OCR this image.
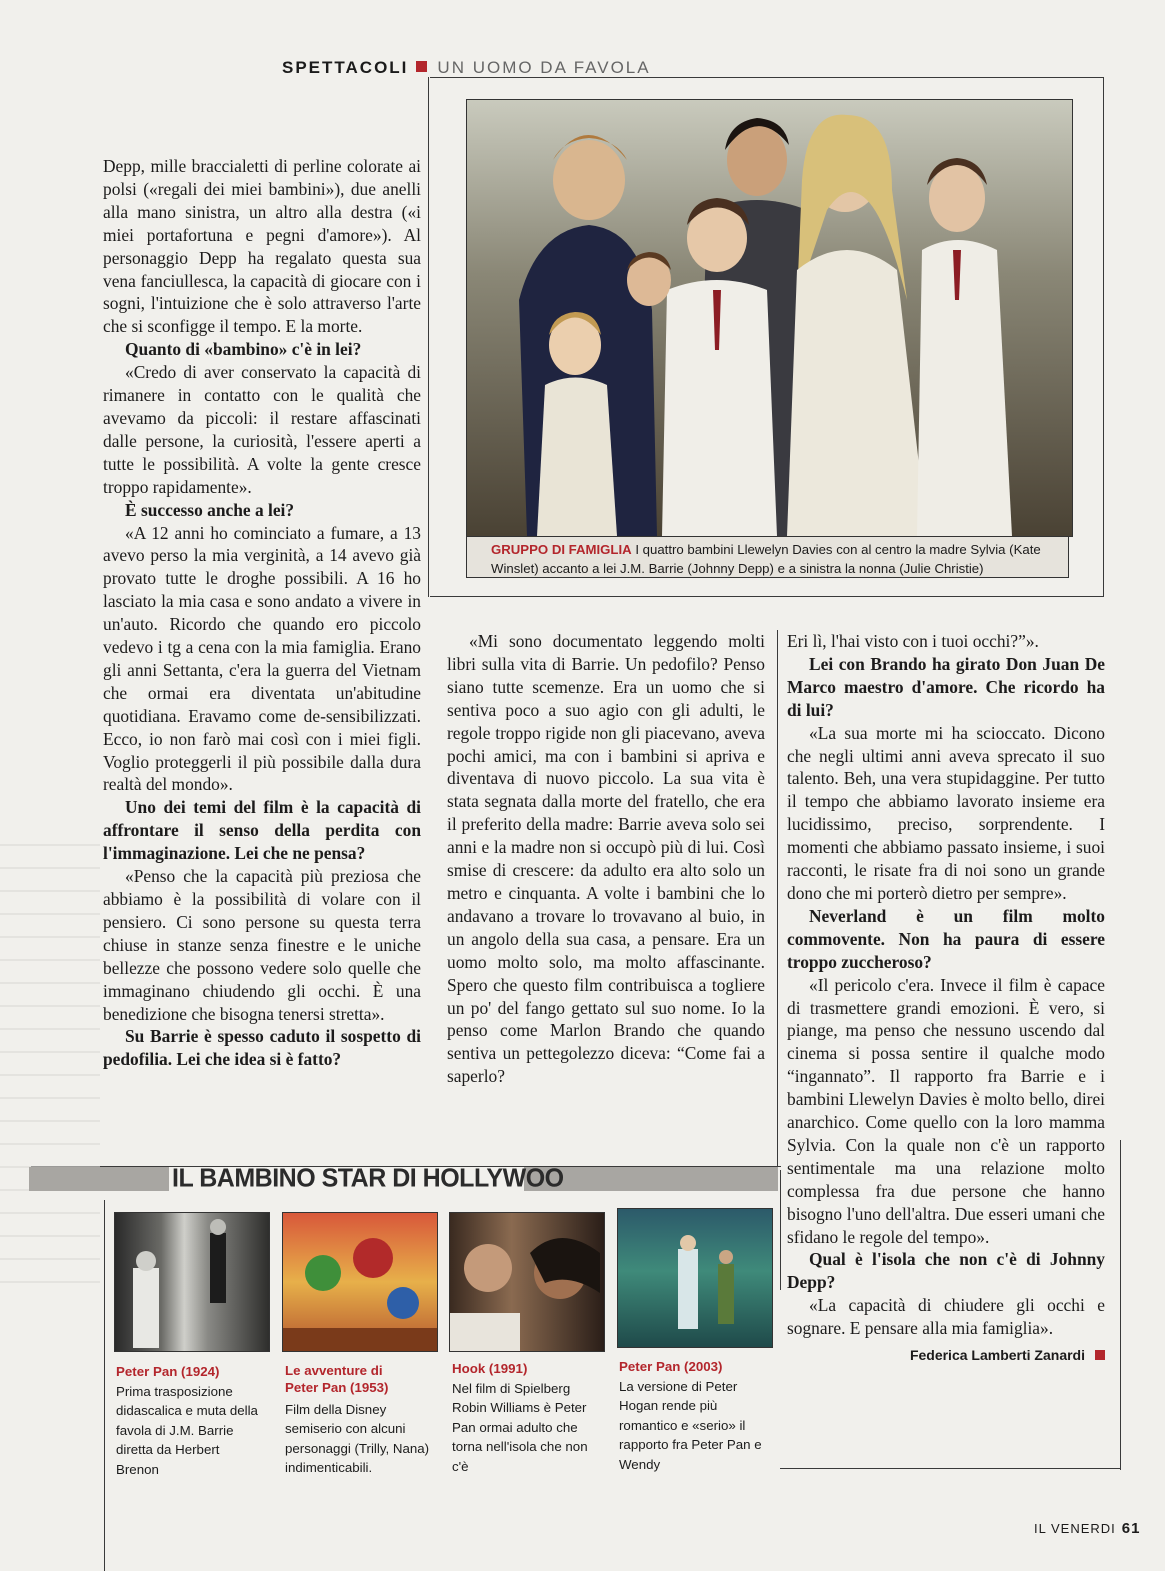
SPETTACOLI UN UOMO DA FAVOLA
GRUPPO DI FAMIGLIA I quattro bambini Llewelyn Davies con al centro la madre Sylvia (Kate Winslet) accanto a lei J.M. Barrie (Johnny Depp) e a sinistra la nonna (Julie Christie)

Depp, mille braccialetti di perline colorate ai polsi («regali dei miei bambini»), due anelli alla mano sinistra, un altro alla destra («i miei portafortuna e pegni d'amore»). Al personaggio Depp ha regalato questa sua vena fanciullesca, la capacità di giocare con i sogni, l'intuizione che è solo attraverso l'arte che si sconfigge il tempo. E la morte.

Quanto di «bambino» c'è in lei?

«Credo di aver conservato la capacità di rimanere in contatto con le qualità che avevamo da piccoli: il restare affascinati dalle persone, la curiosità, l'essere aperti a tutte le possibilità. A volte la gente cresce troppo rapidamente».

È successo anche a lei?

«A 12 anni ho cominciato a fumare, a 13 avevo perso la mia verginità, a 14 avevo già provato tutte le droghe possibili. A 16 ho lasciato la mia casa e sono andato a vivere in un'auto. Ricordo che quando ero piccolo vedevo i tg a cena con la mia famiglia. Erano gli anni Settanta, c'era la guerra del Vietnam che ormai era diventata un'abitudine quotidiana. Eravamo come de-sensibilizzati. Ecco, io non farò mai così con i miei figli. Voglio proteggerli il più possibile dalla dura realtà del mondo».

Uno dei temi del film è la capacità di affrontare il senso della perdita con l'immaginazione. Lei che ne pensa?

«Penso che la capacità più preziosa che abbiamo è la possibilità di volare con il pensiero. Ci sono persone su questa terra chiuse in stanze senza finestre e le uniche bellezze che possono vedere solo quelle che immaginano chiudendo gli occhi. È una benedizione che bisogna tenersi stretta».

Su Barrie è spesso caduto il sospetto di pedofilia. Lei che idea si è fatto?

«Mi sono documentato leggendo molti libri sulla vita di Barrie. Un pedofilo? Penso siano tutte scemenze. Era un uomo che si sentiva poco a suo agio con gli adulti, le regole troppo rigide non gli piacevano, aveva pochi amici, ma con i bambini si apriva e diventava di nuovo piccolo. La sua vita è stata segnata dalla morte del fratello, che era il preferito della madre: Barrie aveva solo sei anni e la madre non si occupò più di lui. Così smise di crescere: da adulto era alto solo un metro e cinquanta. A volte i bambini che lo andavano a trovare lo trovavano al buio, in un angolo della sua casa, a pensare. Era un uomo molto solo, ma molto affascinante. Spero che questo film contribuisca a togliere un po' del fango gettato sul suo nome. Io la penso come Marlon Brando che quando sentiva un pettegolezzo diceva: “Come fai a saperlo?

Eri lì, l'hai visto con i tuoi occhi?”».

Lei con Brando ha girato Don Juan De Marco maestro d'amore. Che ricordo ha di lui?

«La sua morte mi ha scioccato. Dicono che negli ultimi anni aveva sprecato il suo talento. Beh, una vera stupidaggine. Per tutto il tempo che abbiamo lavorato insieme era lucidissimo, preciso, sorprendente. I momenti che abbiamo passato insieme, i suoi racconti, le risate fra di noi sono un grande dono che mi porterò dietro per sempre».

Neverland è un film molto commovente. Non ha paura di essere troppo zuccheroso?

«Il pericolo c'era. Invece il film è capace di trasmettere grandi emozioni. È vero, si piange, ma penso che nessuno uscendo dal cinema si possa sentire il qualche modo “ingannato”. Il rapporto fra Barrie e i bambini Llewelyn Davies è molto bello, direi anarchico. Come quello con la loro mamma Sylvia. Con la quale non c'è un rapporto sentimentale ma una relazione molto complessa fra due persone che hanno bisogno l'uno dell'altra. Due esseri umani che sfidano le regole del tempo».

Qual è l'isola che non c'è di Johnny Depp?

«La capacità di chiudere gli occhi e sognare. E pensare alla mia famiglia».

Federica Lamberti Zanardi

IL BAMBINO STAR DI HOLLYWOO
Peter Pan (1924)
Prima trasposizione didascalica e muta della favola di J.M. Barrie diretta da Herbert Brenon
Le avventure di Peter Pan (1953)
Film della Disney semiserio con alcuni personaggi (Trilly, Nana) indimenticabili.
Hook (1991)
Nel film di Spielberg Robin Williams è Peter Pan ormai adulto che torna nell'isola che non c'è
Peter Pan (2003)
La versione di Peter Hogan rende più romantico e «serio» il rapporto fra Peter Pan e Wendy
IL VENERDI 61
